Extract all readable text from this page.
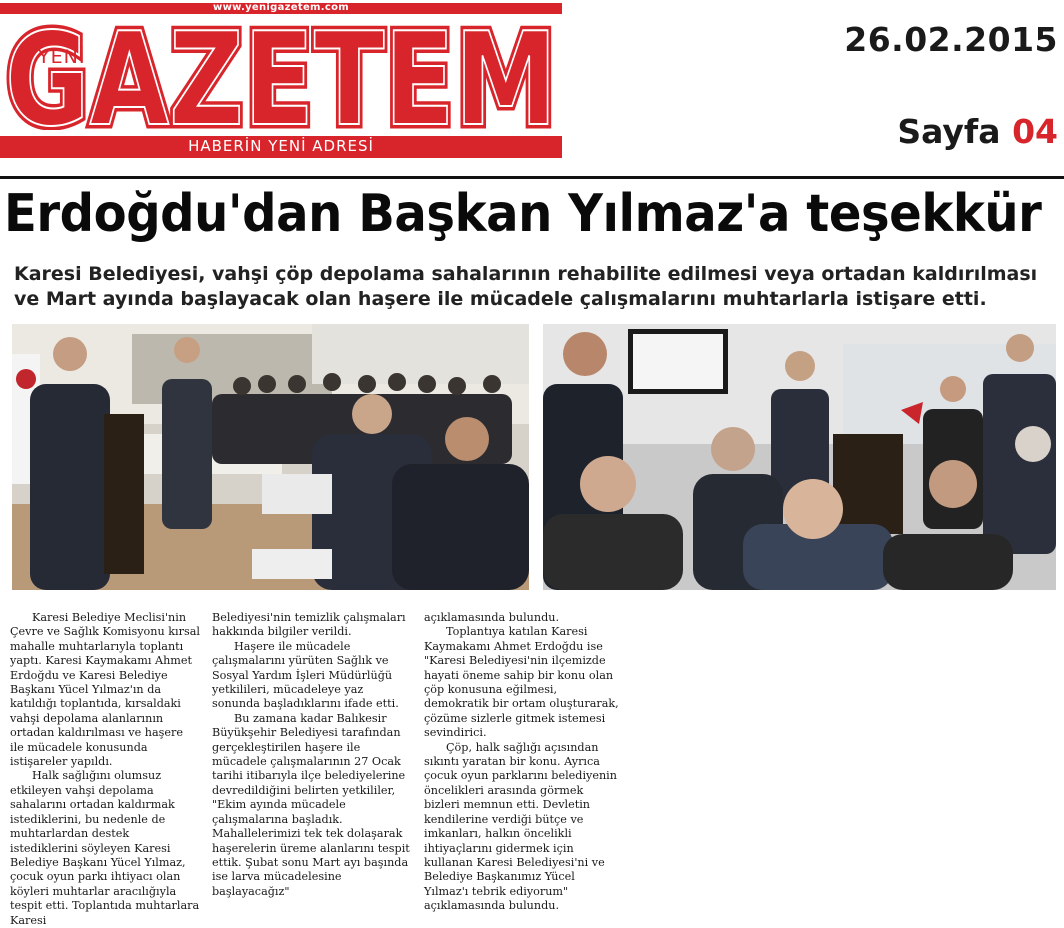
www.yenigazetem.com
GAZETEM
GAZETEM
YENİ
HABERİN YENİ ADRESİ
26.02.2015
Sayfa 04
Erdoğdu'dan Başkan Yılmaz'a teşekkür
Karesi Belediyesi, vahşi çöp depolama sahalarının rehabilite edilmesi veya ortadan kaldırılması ve Mart ayında başlayacak olan haşere ile mücadele çalışmalarını muhtarlarla istişare etti.

Karesi Belediye Meclisi'nin Çevre ve Sağlık Komisyonu kırsal mahalle muhtarlarıyla toplantı yaptı. Karesi Kaymakamı Ahmet Erdoğdu ve Karesi Belediye Başkanı Yücel Yılmaz'ın da katıldığı toplantıda, kırsaldaki vahşi depolama alanlarının ortadan kaldırılması ve haşere ile mücadele konusunda istişareler yapıldı.

Halk sağlığını olumsuz etkileyen vahşi depolama sahalarını ortadan kaldırmak istediklerini, bu nedenle de muhtarlardan destek istediklerini söyleyen Karesi Belediye Başkanı Yücel Yılmaz, çocuk oyun parkı ihtiyacı olan köyleri muhtarlar aracılığıyla tespit etti. Toplantıda muhtarlara Karesi

Belediyesi'nin temizlik çalışmaları hakkında bilgiler verildi.

Haşere ile mücadele çalışmalarını yürüten Sağlık ve Sosyal Yardım İşleri Müdürlüğü yetkilileri, mücadeleye yaz sonunda başladıklarını ifade etti.

Bu zamana kadar Balıkesir Büyükşehir Belediyesi tarafından gerçekleştirilen haşere ile mücadele çalışmalarının 27 Ocak tarihi itibarıyla ilçe belediyelerine devredildiğini belirten yetkililer, "Ekim ayında mücadele çalışmalarına başladık. Mahallelerimizi tek tek dolaşarak haşerelerin üreme alanlarını tespit ettik. Şubat sonu Mart ayı başında ise larva mücadelesine başlayacağız"

açıklamasında bulundu.

Toplantıya katılan Karesi Kaymakamı Ahmet Erdoğdu ise "Karesi Belediyesi'nin ilçemizde hayati öneme sahip bir konu olan çöp konusuna eğilmesi, demokratik bir ortam oluşturarak, çözüme sizlerle gitmek istemesi sevindirici.

Çöp, halk sağlığı açısından sıkıntı yaratan bir konu. Ayrıca çocuk oyun parklarını belediyenin öncelikleri arasında görmek bizleri memnun etti. Devletin kendilerine verdiği bütçe ve imkanları, halkın öncelikli ihtiyaçlarını gidermek için kullanan Karesi Belediyesi'ni ve Belediye Başkanımız Yücel Yılmaz'ı tebrik ediyorum" açıklamasında bulundu.
